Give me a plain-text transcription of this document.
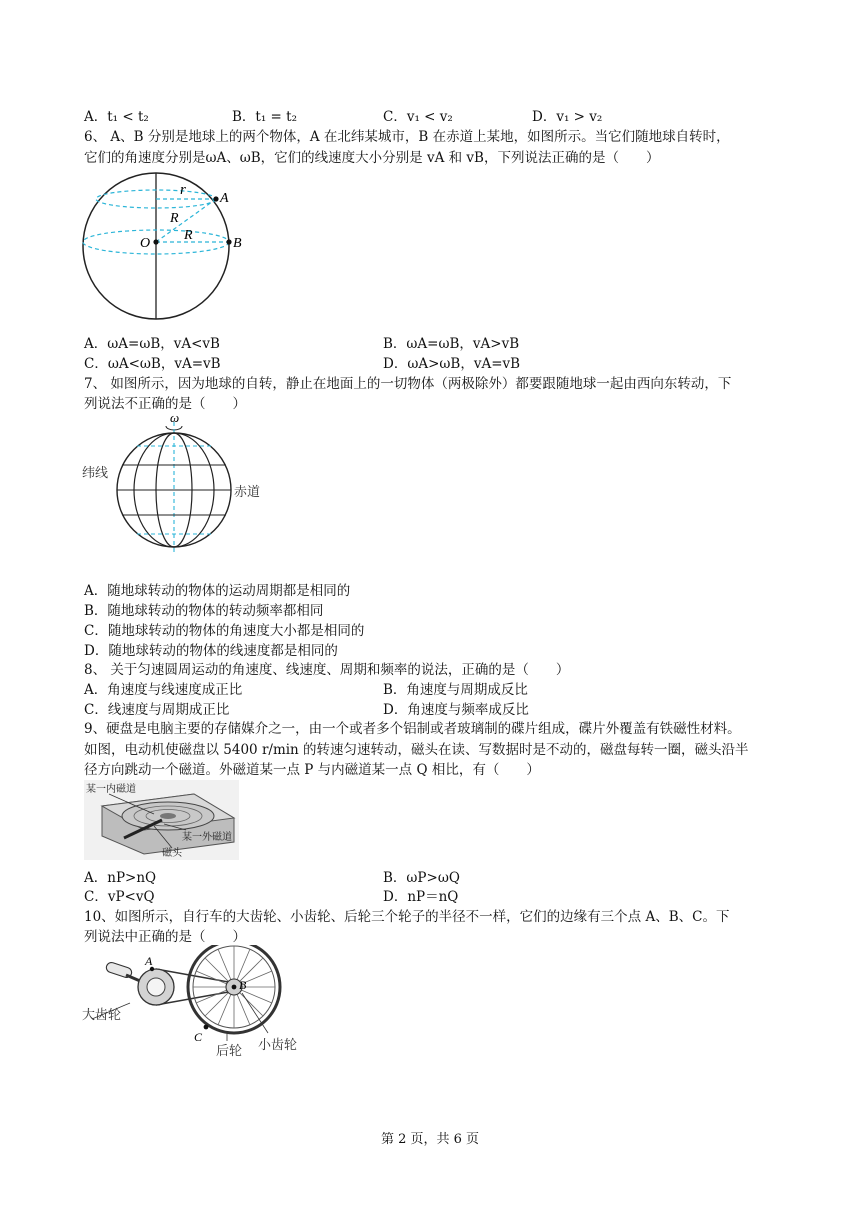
A．t₁ < t₂	B．t₁ = t₂	C．v₁ < v₂	D．v₁ > v₂
6、 A、B 分别是地球上的两个物体，A 在北纬某城市，B 在赤道上某地，如图所示。当它们随地球自转时，
它们的角速度分别是ωA、ωB，它们的线速度大小分别是 vA 和 vB，下列说法正确的是（　　）
r
A
R
R
O	B
A．ωA=ωB，vA<vB	B．ωA=ωB，vA>vB
C．ωA<ωB，vA=vB	D．ωA>ωB，vA=vB
7、 如图所示，因为地球的自转，静止在地面上的一切物体（两极除外）都要跟随地球一起由西向东转动，下
列说法不正确的是（　　）
ω
纬线
赤道
A．随地球转动的物体的运动周期都是相同的
B．随地球转动的物体的转动频率都相同
C．随地球转动的物体的角速度大小都是相同的
D．随地球转动的物体的线速度都是相同的
8、 关于匀速圆周运动的角速度、线速度、周期和频率的说法，正确的是（　　）
A．角速度与线速度成正比	B．角速度与周期成反比
C．线速度与周期成正比	D．角速度与频率成反比
9、硬盘是电脑主要的存储媒介之一，由一个或者多个铝制或者玻璃制的碟片组成，碟片外覆盖有铁磁性材料。
如图，电动机使磁盘以 5400 r/min 的转速匀速转动，磁头在读、写数据时是不动的，磁盘每转一圈，磁头沿半
径方向跳动一个磁道。外磁道某一点 P 与内磁道某一点 Q 相比，有（　　）
某一内磁道
某一外磁道
磁头
A．nP>nQ	B．ωP>ωQ
C．vP<vQ	D．nP＝nQ
10、如图所示，自行车的大齿轮、小齿轮、后轮三个轮子的半径不一样，它们的边缘有三个点 A、B、C。下
列说法中正确的是（　　）
A
B
C
大齿轮
后轮 小齿轮
第 2 页，共 6 页
